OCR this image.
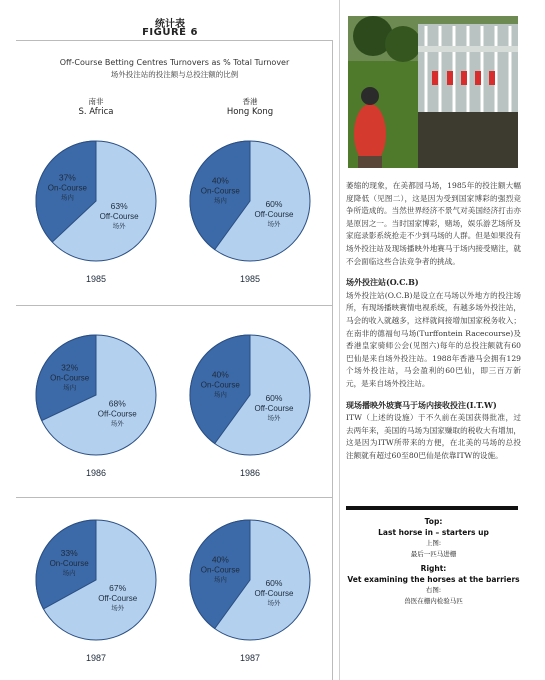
统计表
FIGURE 6
Off-Course Betting Centres Turnovers as % Total Turnover
场外投注站的投注额与总投注额的比例
南非
S. Africa
香港
Hong Kong
37%
On-Course
场内
63%
Off-Course
场外
1985
40%
On-Course
场内	60%
Off-Course
场外
1985
32%
On-Course
场内
68%
Off-Course
场外
1986
40%
On-Course
场内	60%
Off-Course
场外
1986
33%
On-Course
场内
67%
Off-Course
场外
1987
40%
On-Course
场内	60%
Off-Course
场外
1987

萎缩的现象，在美都园马场，1985年的投注额大幅度降低（见图二），这是因为受到国家博彩的强烈竞争所造成的。当然世界经济不景气对美国经济打击亦是原因之一。当时国家博彩，赌场，娱乐游艺场所及家庭录影系统抢走不少到马场的人群。但是如果没有场外投注站及现场播映外地赛马于场内接受赌注，就不会面临这些合法竞争者的挑战。

场外投注站(O.C.B)

场外投注站(O.C.B)是设立在马场以外地方的投注场所，有现场播映赛情电视系统，有越多场外投注站，马会的收入就越多，这样就间接增加国家税务收入；在南非的德福旬马场(Turffontein Racecourse)及香港皇家骑师公会(见图六)每年的总投注额就有60巴仙是来自场外投注站。1988年香港马会拥有129个场外投注站，马会盈利的60巴仙，即三百万新元，是来自场外投注站。

现场播映外坡赛马于场内接收投注(I.T.W)

ITW（上述的设施）于不久前在美国获得批准，过去两年来，美国的马场为国家赚取的税收大有增加，这是因为ITW所带来的方便，在北美的马场的总投注额就有超过60至80巴仙是依靠ITW的设施。

Top:
Last horse in – starters up
上图:
最后一匹马进栅
Right:
Vet examining the horses at the barriers
右图:
兽医在栅内检验马匹
